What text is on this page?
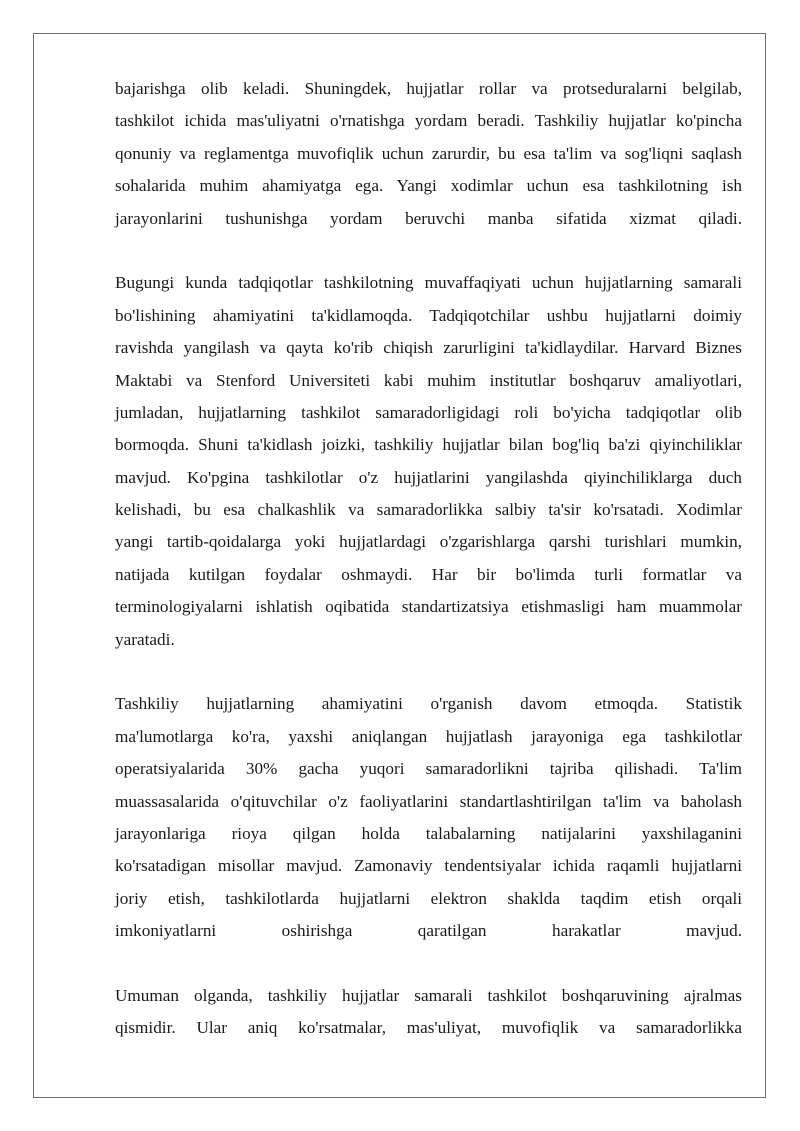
bajarishga olib keladi. Shuningdek, hujjatlar rollar va protseduralarni belgilab,
tashkilot ichida mas'uliyatni o'rnatishga yordam beradi. Tashkiliy hujjatlar ko'pincha
qonuniy va reglamentga muvofiqlik uchun zarurdir, bu esa ta'lim va sog'liqni saqlash
sohalarida muhim ahamiyatga ega. Yangi xodimlar uchun esa tashkilotning ish
jarayonlarini tushunishga yordam beruvchi manba sifatida xizmat qiladi.
Bugungi kunda tadqiqotlar tashkilotning muvaffaqiyati uchun hujjatlarning samarali
bo'lishining ahamiyatini ta'kidlamoqda. Tadqiqotchilar ushbu hujjatlarni doimiy
ravishda yangilash va qayta ko'rib chiqish zarurligini ta'kidlaydilar. Harvard Biznes
Maktabi va Stenford Universiteti kabi muhim institutlar boshqaruv amaliyotlari,
jumladan, hujjatlarning tashkilot samaradorligidagi roli bo'yicha tadqiqotlar olib
bormoqda. Shuni ta'kidlash joizki, tashkiliy hujjatlar bilan bog'liq ba'zi qiyinchiliklar
mavjud. Ko'pgina tashkilotlar o'z hujjatlarini yangilashda qiyinchiliklarga duch
kelishadi, bu esa chalkashlik va samaradorlikka salbiy ta'sir ko'rsatadi. Xodimlar
yangi tartib-qoidalarga yoki hujjatlardagi o'zgarishlarga qarshi turishlari mumkin,
natijada kutilgan foydalar oshmaydi. Har bir bo'limda turli formatlar va
terminologiyalarni ishlatish oqibatida standartizatsiya etishmasligi ham muammolar
yaratadi.
Tashkiliy hujjatlarning ahamiyatini o'rganish davom etmoqda. Statistik
ma'lumotlarga ko'ra, yaxshi aniqlangan hujjatlash jarayoniga ega tashkilotlar
operatsiyalarida 30% gacha yuqori samaradorlikni tajriba qilishadi. Ta'lim
muassasalarida o'qituvchilar o'z faoliyatlarini standartlashtirilgan ta'lim va baholash
jarayonlariga rioya qilgan holda talabalarning natijalarini yaxshilaganini
ko'rsatadigan misollar mavjud. Zamonaviy tendentsiyalar ichida raqamli hujjatlarni
joriy etish, tashkilotlarda hujjatlarni elektron shaklda taqdim etish orqali
imkoniyatlarni oshirishga qaratilgan harakatlar mavjud.
Umuman olganda, tashkiliy hujjatlar samarali tashkilot boshqaruvining ajralmas
qismidir. Ular aniq ko'rsatmalar, mas'uliyat, muvofiqlik va samaradorlikka
